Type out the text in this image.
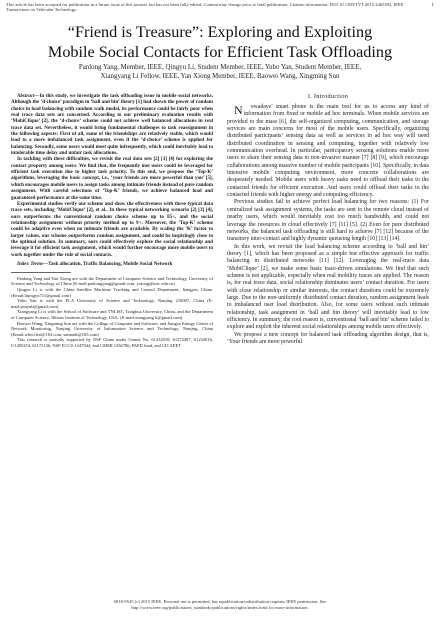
This article has been accepted for publication in a future issue of this journal, but has not been fully edited. Content may change prior to final publication. Citation information: DOI 10.1109/TVT.2015.2465392, IEEE Transactions on Vehicular Technology
1
“Friend is Treasure”: Exploring and Exploiting
Mobile Social Contacts for Efficient Task Offloading
Panlong Yang, Member, IEEE, Qingyu Li, Student Member, IEEE, Yubo Yan, Student Member, IEEE,
Xiangyang Li Fellow, IEEE, Yan Xiong Member, IEEE, Baowei Wang, Xingming Sun

Abstract—In this study, we investigate the task offloading issue in mobile social networks. Although the ‘d-choice’ paradigm in ‘ball and bin’ theory [1] had shown the power of random choice in load balancing with random walk model, its performance could be fairly poor when real trace data sets are concerned. According to our preliminary evaluation results with ‘MobiClique’ [2], the ‘d-choice’ scheme could not achieve well balanced allocations in real trace data set. Nevertheless, it would bring fundamental challenges to task reassignment in the following aspects: First of all, some of the friendships are relatively stable, which would lead to a more imbalanced task assignment, even if the ‘d-choice’ scheme is applied for balancing. Secondly, some users would meet quite infrequently, which could inevitably lead to intolerable time delay and unfair task allocations.

In tackling with these difficulties, we revisit the real data sets [2] [3] [4] for exploring the contact property among users. We find that, the frequently met users could be leveraged for efficient task execution due to higher task priority. To this end, we propose the ‘Top-K’ algorithms, leveraging the basic concept, i.e., ‘your friends are more powerful than you’ [5], which encourages mobile users to assign tasks among intimate friends instead of pure random assignment. With careful selections of ‘Top-K’ friends, we achieve balanced load and guaranteed performance at the same time.

Experimental studies verify our scheme and show the effectiveness with three typical data trace sets, including ‘MobiClique’ [2], et al.. In these typical networking scenario [2] [3] [4], ours outperforms the conventional random choice scheme up to 85+, and the social relationship assignment without priority method up to 9+. Moreover, the ‘Top-K’ scheme could be adaptive even when no intimate friends are available. By scaling the ‘K’ factor to larger values, our scheme outperforms random assignment, and could be inspiringly close to the optimal solution. In summary, ours could effectively explore the social relationship and leverage it for efficient task assignment, which would further encourage more mobile users to work together under the rule of social contacts.

Index Terms—Task allocation, Traffic Balancing, Mobile Social Network

Panlong Yang and Yan Xiong are with the Department of Computer Science and Technology, University of Science and Technology of China (E-mail:panlongyang@gmail.com, yxiong@ustc.edu.cn)

Qingyu Li is with the China Satellite Maritime Tracking and Control Department, Jiangyin, China. (Email:liqingyu711@gmail.com)

Yubo Yan is with the PLA University of Science and Technology, Nanjing 210007, China (E-mail:yanyub@gmail.com)

Xiangyang Li is with the School of Software and TNLIST, Tsinghua University, China, and the Department of Computer Science, Illinois Institute of Technology, USA. (E-mail:xiangyang.li@gmail.com).

Baowei Wang, Xingming Sun are with the College of Computer and Software, and Jiangsu Energy Center of Network Monitoring, Nanjing University of Information Science and Technology, Nanjing, China (Email:wbw.first@163.com, sunnudt@163.com)

This research is partially supported by NSF China under Grants No. 61232018, 61272487, 61232016, U1405254, 61173136, NSF ECCS-1247944, and CMMI 1436786, PAPD fund, and CICAEET

I. Introduction

N owadays’ smart phone is the main tool for us to access any kind of information from fixed or mobile ad hoc terminals. When mobile services are provided to the mass [6], the self-organized computing, communication, and storage services are main concerns for most of the mobile users. Specifically, organizing distributed participants’ sensing data as well as services in ad hoc way will need distributed coordination in sensing and computing, together with relatively low communication overhead. In particular, participatory sensing solutions enable more users to share their sensing data in non-invasive manner [7] [8] [9], which encourage collaborations among massive number of mobile participants [10]. Specifically, in data intensive mobile computing environment, more concrete collaborations are desperately needed. Mobile users with heavy tasks need to offload their tasks to the contacted friends for efficient execution. And users could offload their tasks to the contacted friends with higher energy and computing efficiency.

Previous studies fail to achieve perfect load balancing for two reasons: (1) For centralized task assignment systems, the tasks are sent to the remote cloud instead of nearby users, which would inevitably cost too much bandwidth, and could not leverage the resources in cloud effectively [7] [11] [5]. (2) Even for pure distributed networks, the balanced task offloading is still hard to achieve [7] [12] because of the transitory inter-contact and highly dynamic queueing length [10] [13] [14].

In this work, we revisit the load balancing scheme according to ‘ball and bin’ theory [1], which has been proposed as a simple but effective approach for traffic balancing in distributed networks [11] [12]. Leveraging the real-trace data ‘MobiClique’ [2], we make some basic trace-driven simulations. We find that such scheme is not applicable, especially when real mobility traces are applied. The reason is, for real trace data, social relationship dominates users’ contact duration. For users with close relationship or similar interests, the contact durations could be extremely large. Due to the non-uniformly distributed contact duration, random assignment leads to imbalanced user load distribution. Also, for some users without such intimate relationship, task assignment in ‘ball and bin theory’ will inevitably lead to low efficiency. In summary, the root reason is, conventional ‘ball and bin’ scheme failed to explore and exploit the inherent social relationships among mobile users effectively.

We propose a new concept for balanced task offloading algorithm design, that is, ‘Your friends are more powerful

0018-9545 (c) 2015 IEEE. Personal use is permitted, but republication/redistribution requires IEEE permission. See
http://www.ieee.org/publications_standards/publications/rights/index.html for more information.
